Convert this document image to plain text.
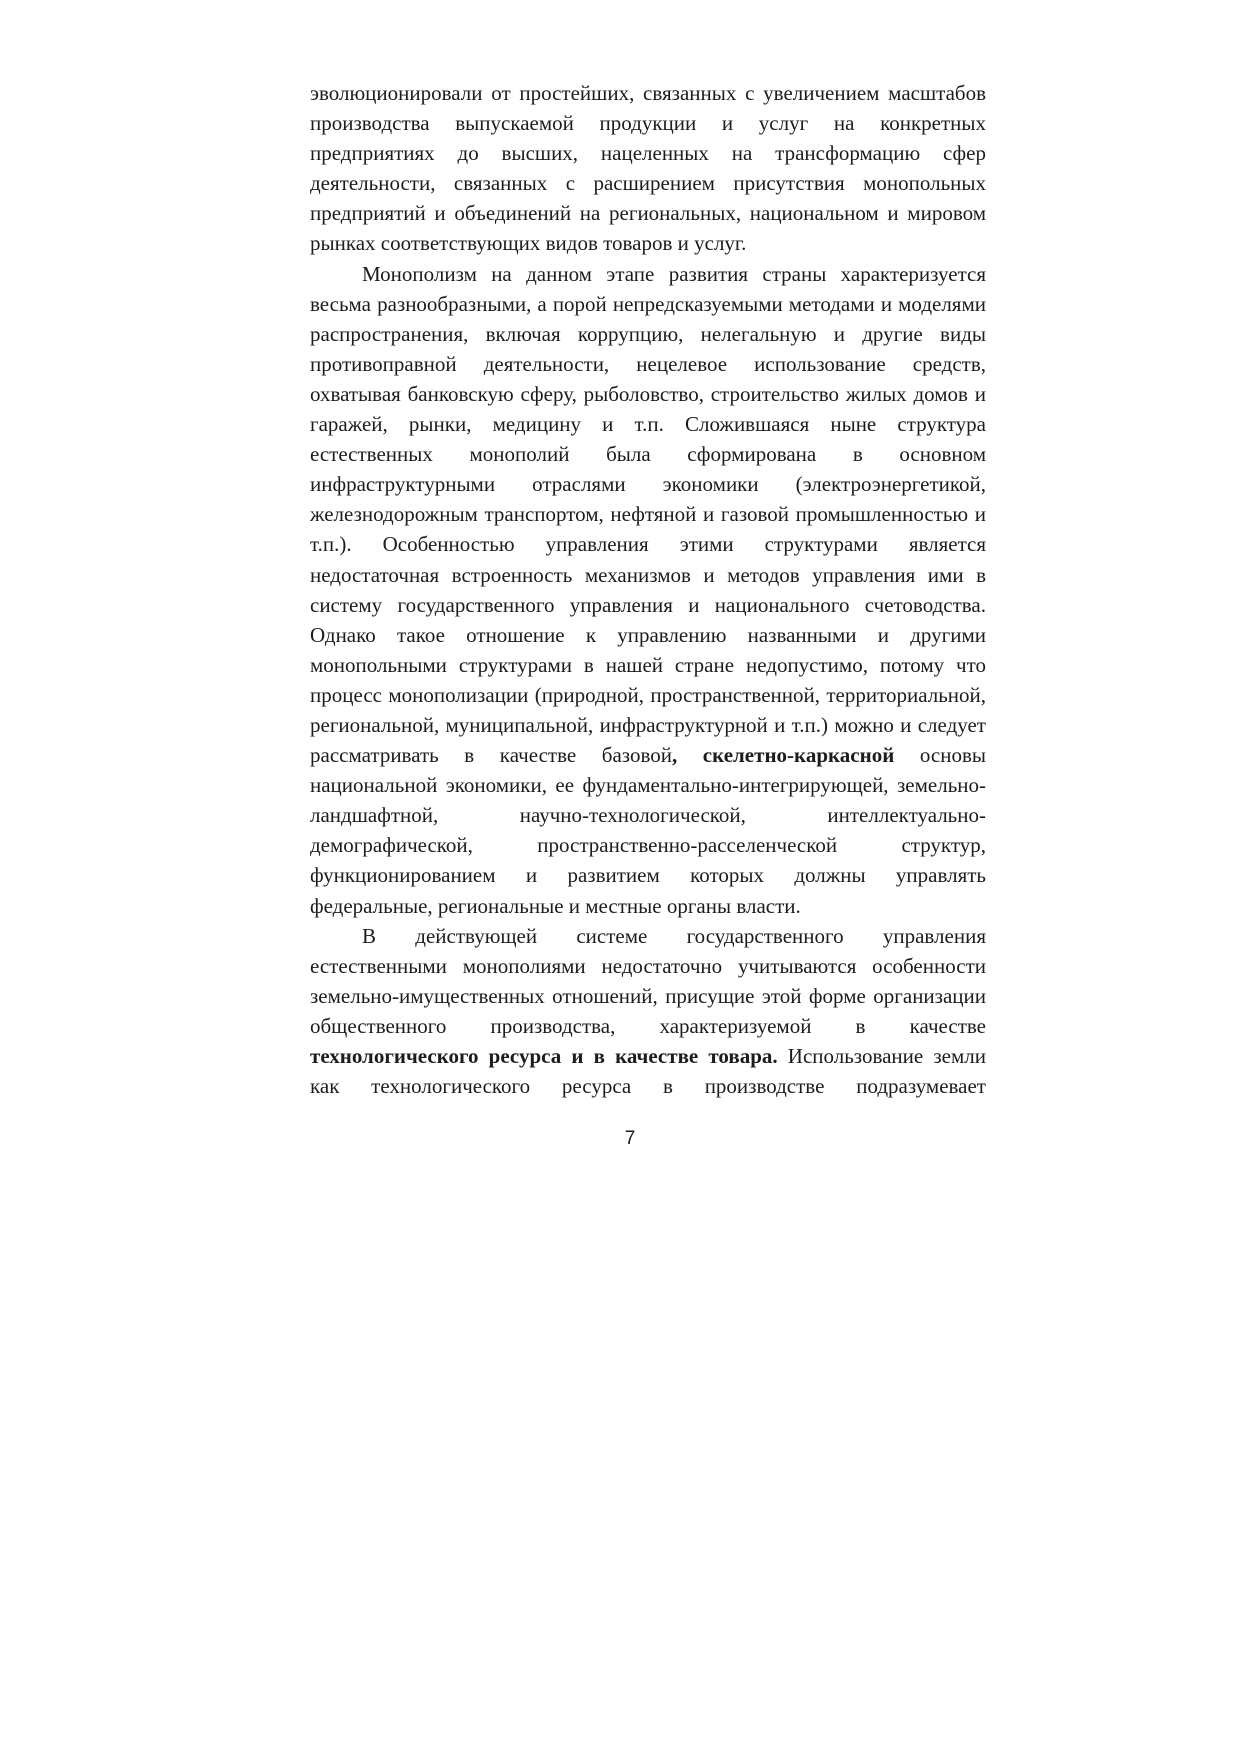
эволюционировали от простейших, связанных с увеличением масштабов производства выпускаемой продукции и услуг на конкретных предприятиях до высших, нацеленных на трансформацию сфер деятельности, связанных с расширением присутствия монопольных предприятий и объединений на региональных, национальном и мировом рынках соответствующих видов товаров и услуг.

Монополизм на данном этапе развития страны характеризуется весьма разнообразными, а порой непредсказуемыми методами и моделями распространения, включая коррупцию, нелегальную и другие виды противоправной деятельности, нецелевое использование средств, охватывая банковскую сферу, рыболовство, строительство жилых домов и гаражей, рынки, медицину и т.п. Сложившаяся ныне структура естественных монополий была сформирована в основном инфраструктурными отраслями экономики (электроэнергетикой, железнодорожным транспортом, нефтяной и газовой промышленностью и т.п.). Особенностью управления этими структурами является недостаточная встроенность механизмов и методов управления ими в систему государственного управления и национального счетоводства. Однако такое отношение к управлению названными и другими монопольными структурами в нашей стране недопустимо, потому что процесс монополизации (природной, пространственной, территориальной, региональной, муниципальной, инфраструктурной и т.п.) можно и следует рассматривать в качестве базовой, скелетно-каркасной основы национальной экономики, ее фундаментально-интегрирующей, земельно-ландшафтной, научно-технологической, интеллектуально-демографической, пространственно-расселенческой структур, функционированием и развитием которых должны управлять федеральные, региональные и местные органы власти.

В действующей системе государственного управления естественными монополиями недостаточно учитываются особенности земельно-имущественных отношений, присущие этой форме организации общественного производства, характеризуемой в качестве технологического ресурса и в качестве товара. Использование земли как технологического ресурса в производстве подразумевает

7
